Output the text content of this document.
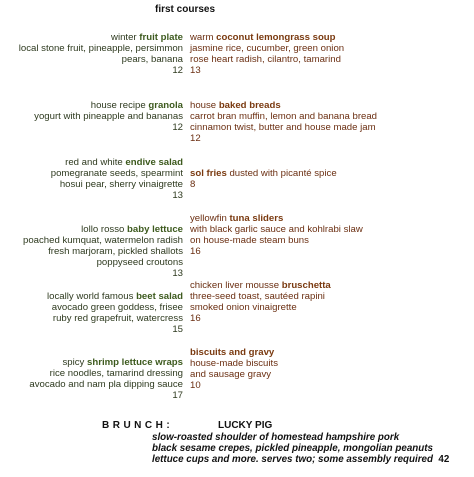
first courses
winter fruit plate
local stone fruit, pineapple, persimmon
pears, banana
12
house recipe granola
yogurt with pineapple and bananas
12
red and white endive salad
pomegranate seeds, spearmint
hosui pear, sherry vinaigrette
13
lollo rosso baby lettuce
poached kumquat, watermelon radish
fresh marjoram, pickled shallots
poppyseed croutons
13
locally world famous beet salad
avocado green goddess, frisee
ruby red grapefruit, watercress
15
spicy shrimp lettuce wraps
rice noodles, tamarind dressing
avocado and nam pla dipping sauce
17
warm coconut lemongrass soup
jasmine rice, cucumber, green onion
rose heart radish, cilantro, tamarind
13
house baked breads
carrot bran muffin, lemon and banana bread
cinnamon twist, butter and house made jam
12
sol fries dusted with picanté spice
8
yellowfin tuna sliders
with black garlic sauce and kohlrabi slaw
on house-made steam buns
16
chicken liver mousse bruschetta
three-seed toast, sautéed rapini
smoked onion vinaigrette
16
biscuits and gravy
house-made biscuits
and sausage gravy
10
BRUNCH:	LUCKY PIG
slow-roasted shoulder of homestead hampshire pork
black sesame crepes, pickled pineapple, mongolian peanuts
lettuce cups and more. serves two; some assembly required 42
